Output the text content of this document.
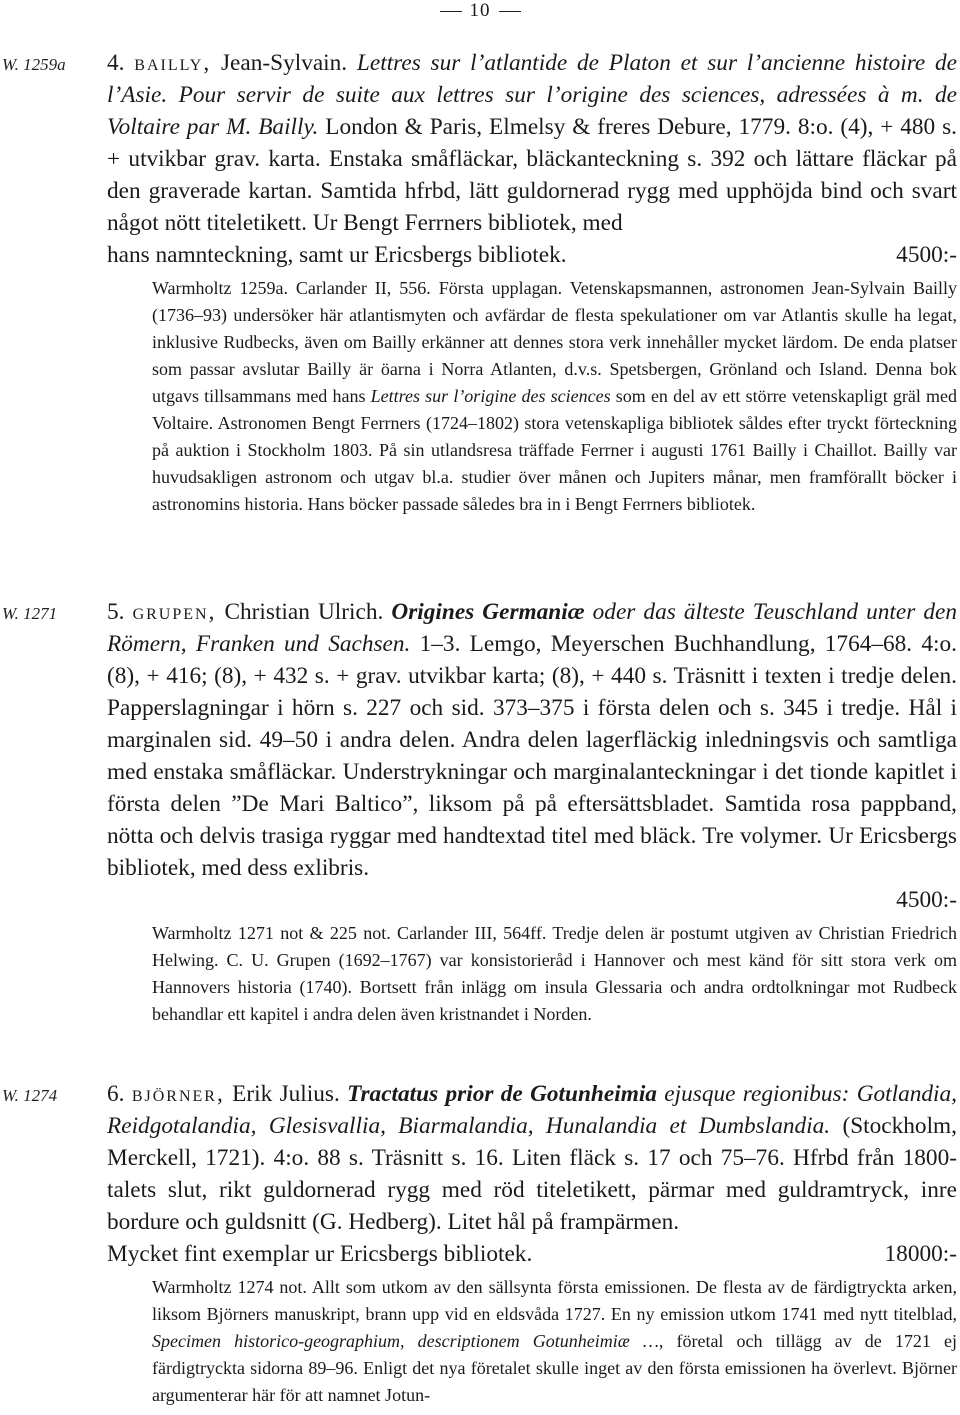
10
W. 1259a
W. 1271
W. 1274

4. bailly, Jean-Sylvain. Lettres sur l’atlantide de Platon et sur l’ancienne histoire de l’Asie. Pour servir de suite aux lettres sur l’origine des sciences, adressées à m. de Voltaire par M. Bailly. London & Paris, Elmelsy & freres Debure, 1779. 8:o. (4), + 480 s. + utvikbar grav. karta. Enstaka småfläckar, bläckanteckning s. 392 och lättare fläckar på den graverade kartan. Samtida hfrbd, lätt guldornerad rygg med upphöjda bind och svart något nött titeletikett. Ur Bengt Ferrners bibliotek, med

hans namnteckning, samt ur Ericsbergs bibliotek.	4500:-

Warmholtz 1259a. Carlander II, 556. Första upplagan. Vetenskapsmannen, astronomen Jean-Sylvain Bailly (1736–93) undersöker här atlantismyten och avfärdar de flesta spekulationer om var Atlantis skulle ha legat, inklusive Rudbecks, även om Bailly erkänner att dennes stora verk innehåller mycket lärdom. De enda platser som passar avslutar Bailly är öarna i Norra Atlanten, d.v.s. Spetsbergen, Grönland och Island. Denna bok utgavs tillsammans med hans Lettres sur l’origine des sciences som en del av ett större vetenskapligt gräl med Voltaire. Astronomen Bengt Ferrners (1724–1802) stora vetenskapliga bibliotek såldes efter tryckt förteckning på auktion i Stockholm 1803. På sin utlandsresa träffade Ferrner i augusti 1761 Bailly i Chaillot. Bailly var huvudsakligen astronom och utgav bl.a. studier över månen och Jupiters månar, men framförallt böcker i astronomins historia. Hans böcker passade således bra in i Bengt Ferrners bibliotek.

5. grupen, Christian Ulrich. Origines Germaniæ oder das älteste Teuschland unter den Römern, Franken und Sachsen. 1–3. Lemgo, Meyerschen Buchhandlung, 1764–68. 4:o. (8), + 416; (8), + 432 s. + grav. utvikbar karta; (8), + 440 s. Träsnitt i texten i tredje delen. Papperslagningar i hörn s. 227 och sid. 373–375 i första delen och s. 345 i tredje. Hål i marginalen sid. 49–50 i andra delen. Andra delen lagerfläckig inledningsvis och samtliga med enstaka småfläckar. Understrykningar och marginalanteckningar i det tionde kapitlet i första delen ”De Mari Baltico”, liksom på på eftersättsbladet. Samtida rosa pappband, nötta och delvis trasiga ryggar med handtextad titel med bläck. Tre volymer. Ur Ericsbergs bibliotek, med dess exlibris.

4500:-

Warmholtz 1271 not & 225 not. Carlander III, 564ff. Tredje delen är postumt utgiven av Christian Friedrich Helwing. C. U. Grupen (1692–1767) var konsistorieråd i Hannover och mest känd för sitt stora verk om Hannovers historia (1740). Bortsett från inlägg om insula Glessaria och andra ordtolkningar mot Rudbeck behandlar ett kapitel i andra delen även kristnandet i Norden.

6. björner, Erik Julius. Tractatus prior de Gotunheimia ejusque regionibus: Gotlandia, Reidgotalandia, Glesisvallia, Biarmalandia, Hunalandia et Dumbslandia. (Stockholm, Merckell, 1721). 4:o. 88 s. Träsnitt s. 16. Liten fläck s. 17 och 75–76. Hfrbd från 1800-talets slut, rikt guldornerad rygg med röd titeletikett, pärmar med guldramtryck, inre bordure och guldsnitt (G. Hedberg). Litet hål på frampärmen.

Mycket fint exemplar ur Ericsbergs bibliotek.	18000:-

Warmholtz 1274 not. Allt som utkom av den sällsynta första emissionen. De flesta av de färdigtryckta arken, liksom Björners manuskript, brann upp vid en eldsvåda 1727. En ny emission utkom 1741 med nytt titelblad, Specimen historico-geographium, descriptionem Gotunheimiæ …, företal och tillägg av de 1721 ej färdigtryckta sidorna 89–96. Enligt det nya företalet skulle inget av den första emissionen ha överlevt. Björner argumenterar här för att namnet Jotun-
